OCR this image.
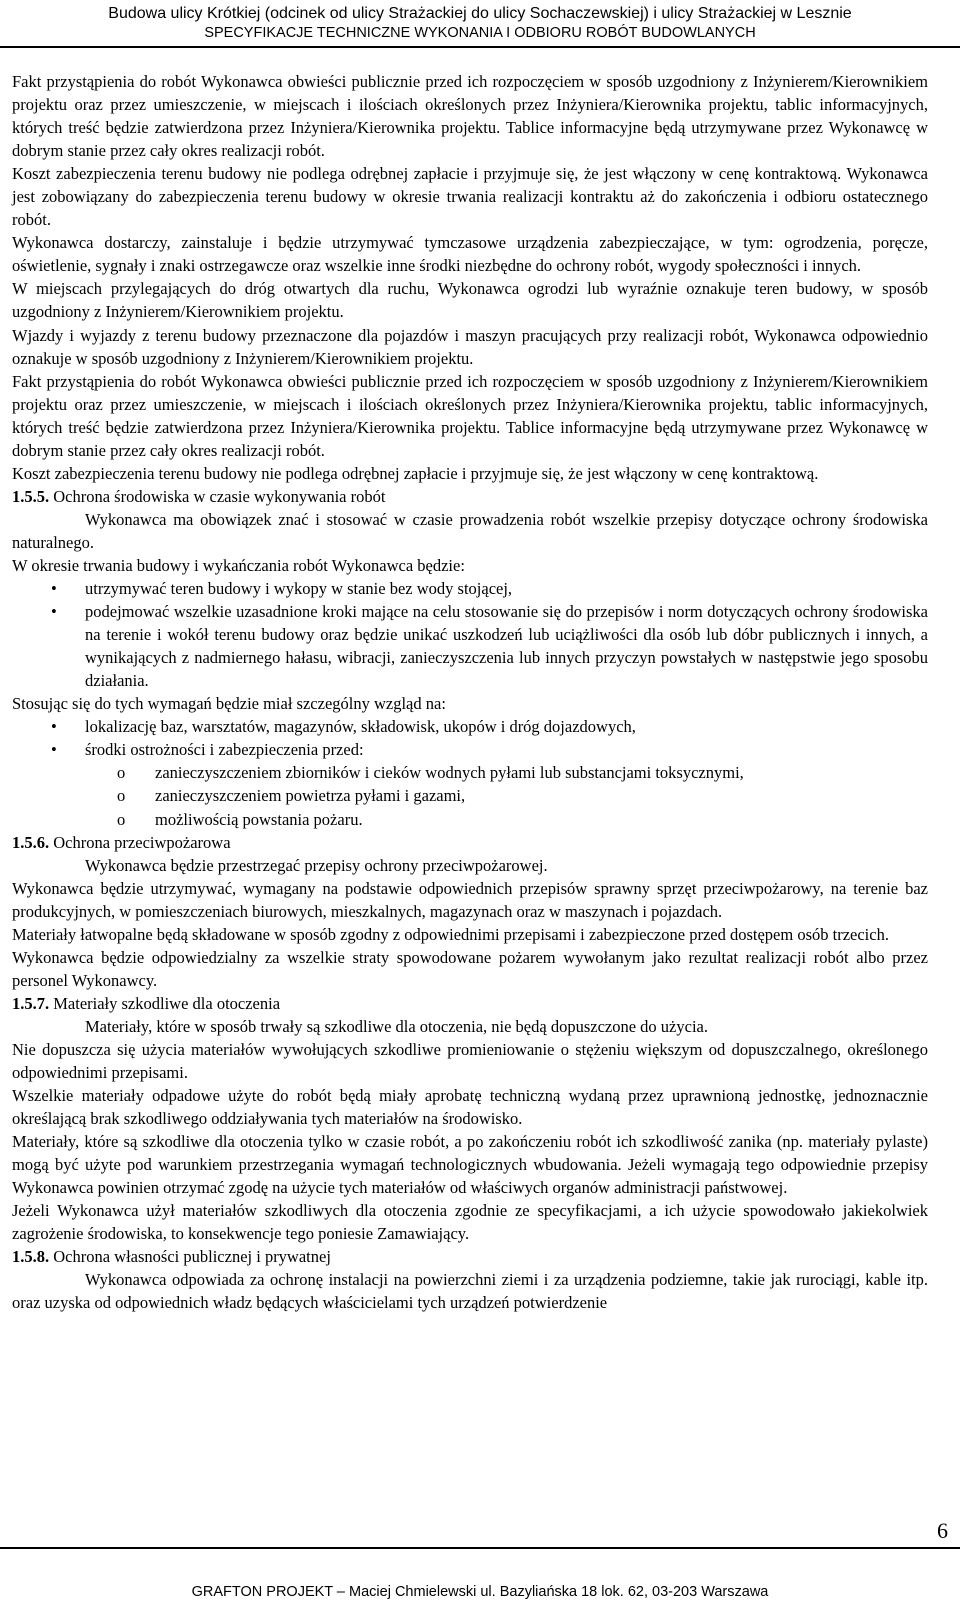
Budowa ulicy Krótkiej (odcinek od ulicy Strażackiej do ulicy Sochaczewskiej) i ulicy Strażackiej w Lesznie
SPECYFIKACJE TECHNICZNE WYKONANIA I ODBIORU ROBÓT BUDOWLANYCH

Fakt przystąpienia do robót Wykonawca obwieści publicznie przed ich rozpoczęciem w sposób uzgodniony z Inżynierem/Kierownikiem projektu oraz przez umieszczenie, w miejscach i ilościach określonych przez Inżyniera/Kierownika projektu, tablic informacyjnych, których treść będzie zatwierdzona przez Inżyniera/Kierownika projektu. Tablice informacyjne będą utrzymywane przez Wykonawcę w dobrym stanie przez cały okres realizacji robót.

Koszt zabezpieczenia terenu budowy nie podlega odrębnej zapłacie i przyjmuje się, że jest włączony w cenę kontraktową. Wykonawca jest zobowiązany do zabezpieczenia terenu budowy w okresie trwania realizacji kontraktu aż do zakończenia i odbioru ostatecznego robót.

Wykonawca dostarczy, zainstaluje i będzie utrzymywać tymczasowe urządzenia zabezpieczające, w tym: ogrodzenia, poręcze, oświetlenie, sygnały i znaki ostrzegawcze oraz wszelkie inne środki niezbędne do ochrony robót, wygody społeczności i innych.

W miejscach przylegających do dróg otwartych dla ruchu, Wykonawca ogrodzi lub wyraźnie oznakuje teren budowy, w sposób uzgodniony z Inżynierem/Kierownikiem projektu.

Wjazdy i wyjazdy z terenu budowy przeznaczone dla pojazdów i maszyn pracujących przy realizacji robót, Wykonawca odpowiednio oznakuje w sposób uzgodniony z Inżynierem/Kierownikiem projektu.

Fakt przystąpienia do robót Wykonawca obwieści publicznie przed ich rozpoczęciem w sposób uzgodniony z Inżynierem/Kierownikiem projektu oraz przez umieszczenie, w miejscach i ilościach określonych przez Inżyniera/Kierownika projektu, tablic informacyjnych, których treść będzie zatwierdzona przez Inżyniera/Kierownika projektu. Tablice informacyjne będą utrzymywane przez Wykonawcę w dobrym stanie przez cały okres realizacji robót.

Koszt zabezpieczenia terenu budowy nie podlega odrębnej zapłacie i przyjmuje się, że jest włączony w cenę kontraktową.

1.5.5. Ochrona środowiska w czasie wykonywania robót

Wykonawca ma obowiązek znać i stosować w czasie prowadzenia robót wszelkie przepisy dotyczące ochrony środowiska naturalnego.

W okresie trwania budowy i wykańczania robót Wykonawca będzie:

• utrzymywać teren budowy i wykopy w stanie bez wody stojącej,
• podejmować wszelkie uzasadnione kroki mające na celu stosowanie się do przepisów i norm dotyczących ochrony środowiska na terenie i wokół terenu budowy oraz będzie unikać uszkodzeń lub uciążliwości dla osób lub dóbr publicznych i innych, a wynikających z nadmiernego hałasu, wibracji, zanieczyszczenia lub innych przyczyn powstałych w następstwie jego sposobu działania.

Stosując się do tych wymagań będzie miał szczególny wzgląd na:

• lokalizację baz, warsztatów, magazynów, składowisk, ukopów i dróg dojazdowych,
• środki ostrożności i zabezpieczenia przed:
o zanieczyszczeniem zbiorników i cieków wodnych pyłami lub substancjami toksycznymi,
o zanieczyszczeniem powietrza pyłami i gazami,
o możliwością powstania pożaru.

1.5.6. Ochrona przeciwpożarowa

Wykonawca będzie przestrzegać przepisy ochrony przeciwpożarowej.

Wykonawca będzie utrzymywać, wymagany na podstawie odpowiednich przepisów sprawny sprzęt przeciwpożarowy, na terenie baz produkcyjnych, w pomieszczeniach biurowych, mieszkalnych, magazynach oraz w maszynach i pojazdach.

Materiały łatwopalne będą składowane w sposób zgodny z odpowiednimi przepisami i zabezpieczone przed dostępem osób trzecich.

Wykonawca będzie odpowiedzialny za wszelkie straty spowodowane pożarem wywołanym jako rezultat realizacji robót albo przez personel Wykonawcy.

1.5.7. Materiały szkodliwe dla otoczenia

Materiały, które w sposób trwały są szkodliwe dla otoczenia, nie będą dopuszczone do użycia.

Nie dopuszcza się użycia materiałów wywołujących szkodliwe promieniowanie o stężeniu większym od dopuszczalnego, określonego odpowiednimi przepisami.

Wszelkie materiały odpadowe użyte do robót będą miały aprobatę techniczną wydaną przez uprawnioną jednostkę, jednoznacznie określającą brak szkodliwego oddziaływania tych materiałów na środowisko.

Materiały, które są szkodliwe dla otoczenia tylko w czasie robót, a po zakończeniu robót ich szkodliwość zanika (np. materiały pylaste) mogą być użyte pod warunkiem przestrzegania wymagań technologicznych wbudowania. Jeżeli wymagają tego odpowiednie przepisy Wykonawca powinien otrzymać zgodę na użycie tych materiałów od właściwych organów administracji państwowej.

Jeżeli Wykonawca użył materiałów szkodliwych dla otoczenia zgodnie ze specyfikacjami, a ich użycie spowodowało jakiekolwiek zagrożenie środowiska, to konsekwencje tego poniesie Zamawiający.

1.5.8. Ochrona własności publicznej i prywatnej

Wykonawca odpowiada za ochronę instalacji na powierzchni ziemi i za urządzenia podziemne, takie jak rurociągi, kable itp. oraz uzyska od odpowiednich władz będących właścicielami tych urządzeń potwierdzenie

6
GRAFTON PROJEKT – Maciej Chmielewski ul. Bazyliańska 18 lok. 62, 03-203 Warszawa
